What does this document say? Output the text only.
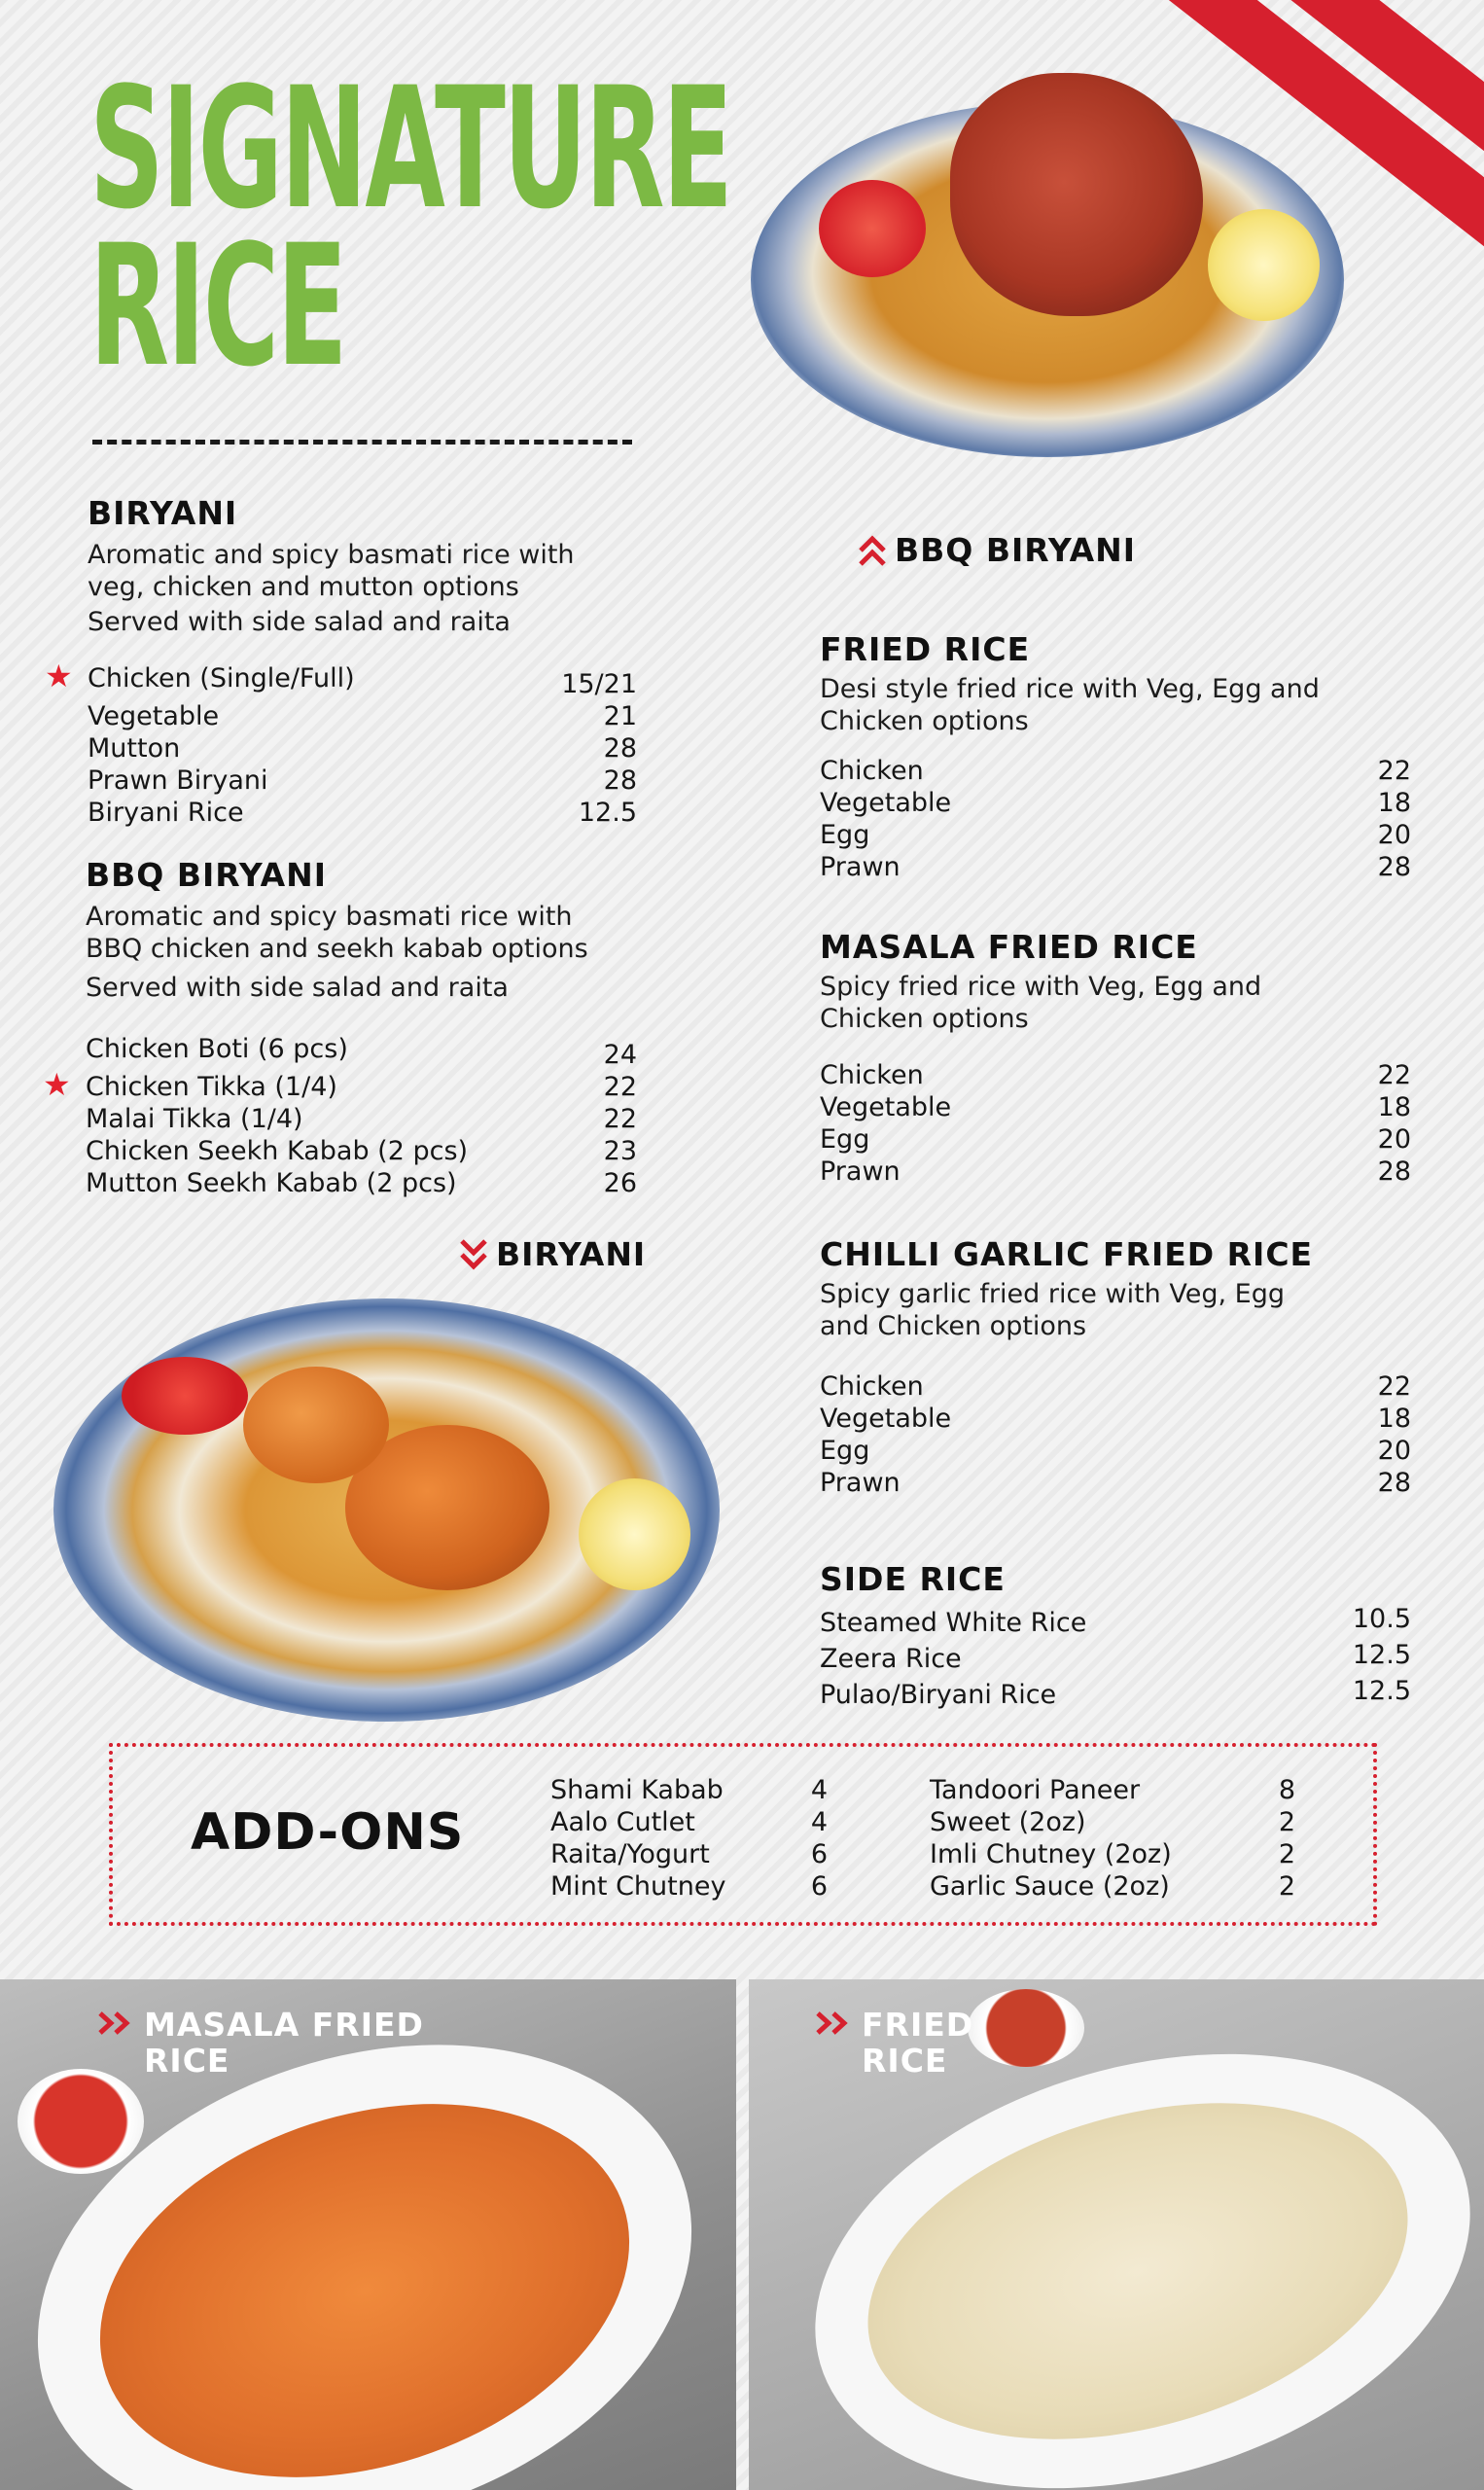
SIGNATURE
RICE
BIRYANI
Aromatic and spicy basmati rice with
veg, chicken and mutton options
Served with side salad and raita
★ Chicken (Single/Full)	15/21
Vegetable	21
Mutton	28
Prawn Biryani	28
Biryani Rice	12.5
BBQ BIRYANI
Aromatic and spicy basmati rice with
BBQ chicken and seekh kabab options
Served with side salad and raita
Chicken Boti (6 pcs)	24
★ Chicken Tikka (1/4)	22
Malai Tikka (1/4)	22
Chicken Seekh Kabab (2 pcs)	23
Mutton Seekh Kabab (2 pcs)	26
BBQ BIRYANI
BIRYANI
FRIED RICE
Desi style fried rice with Veg, Egg and
Chicken options
Chicken	22
Vegetable	18
Egg	20
Prawn	28
MASALA FRIED RICE
Spicy fried rice with Veg, Egg and
Chicken options
Chicken	22
Vegetable	18
Egg	20
Prawn	28
CHILLI GARLIC FRIED RICE
Spicy garlic fried rice with Veg, Egg
and Chicken options
Chicken	22
Vegetable	18
Egg	20
Prawn	28
SIDE RICE
Steamed White Rice	10.5
Zeera Rice	12.5
Pulao/Biryani Rice	12.5
ADD-ONS
Shami Kabab	4
Aalo Cutlet	4
Raita/Yogurt	6
Mint Chutney	6
Tandoori Paneer	8
Sweet (2oz)	2
Imli Chutney (2oz)	2
Garlic Sauce (2oz)	2
MASALA FRIED
RICE
FRIED
RICE
